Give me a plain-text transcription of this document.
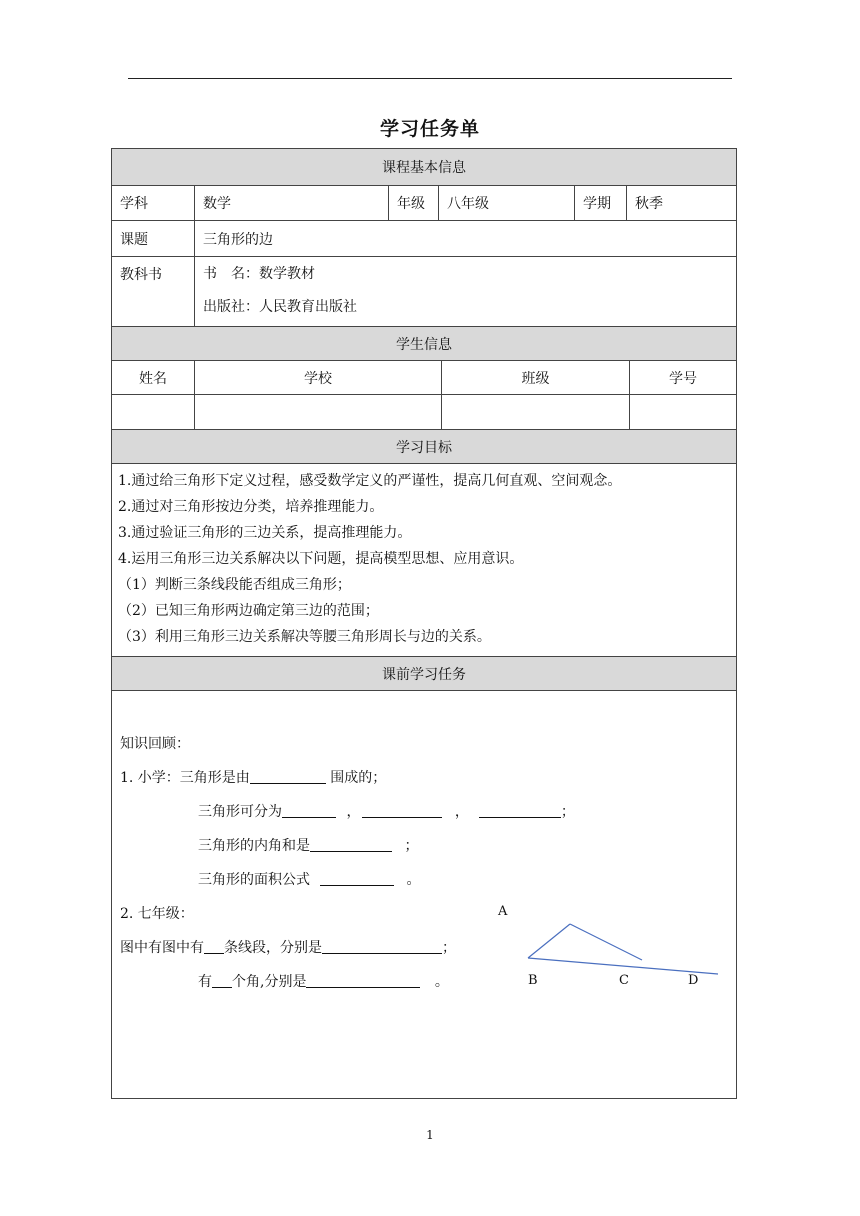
学习任务单
课程基本信息
学科	数学	年级	八年级	学期	秋季
课题	三角形的边
教科书	书　名：数学教材
出版社：人民教育出版社
学生信息
姓名	学校	班级	学号
学习目标
1.通过给三角形下定义过程，感受数学定义的严谨性，提高几何直观、空间观念。
2.通过对三角形按边分类，培养推理能力。
3.通过验证三角形的三边关系，提高推理能力。
4.运用三角形三边关系解决以下问题，提高模型思想、应用意识。
（1）判断三条线段能否组成三角形；
（2）已知三角形两边确定第三边的范围；
（3）利用三角形三边关系解决等腰三角形周长与边的关系。
课前学习任务
知识回顾：
1. 小学：三角形是由	围成的；
三角形可分为	，	，	；
三角形的内角和是	；
三角形的面积公式	。
2. 七年级：
图中有图中有 条线段，分别是	；
有 个角,分别是	。
A
B	C	D
1
